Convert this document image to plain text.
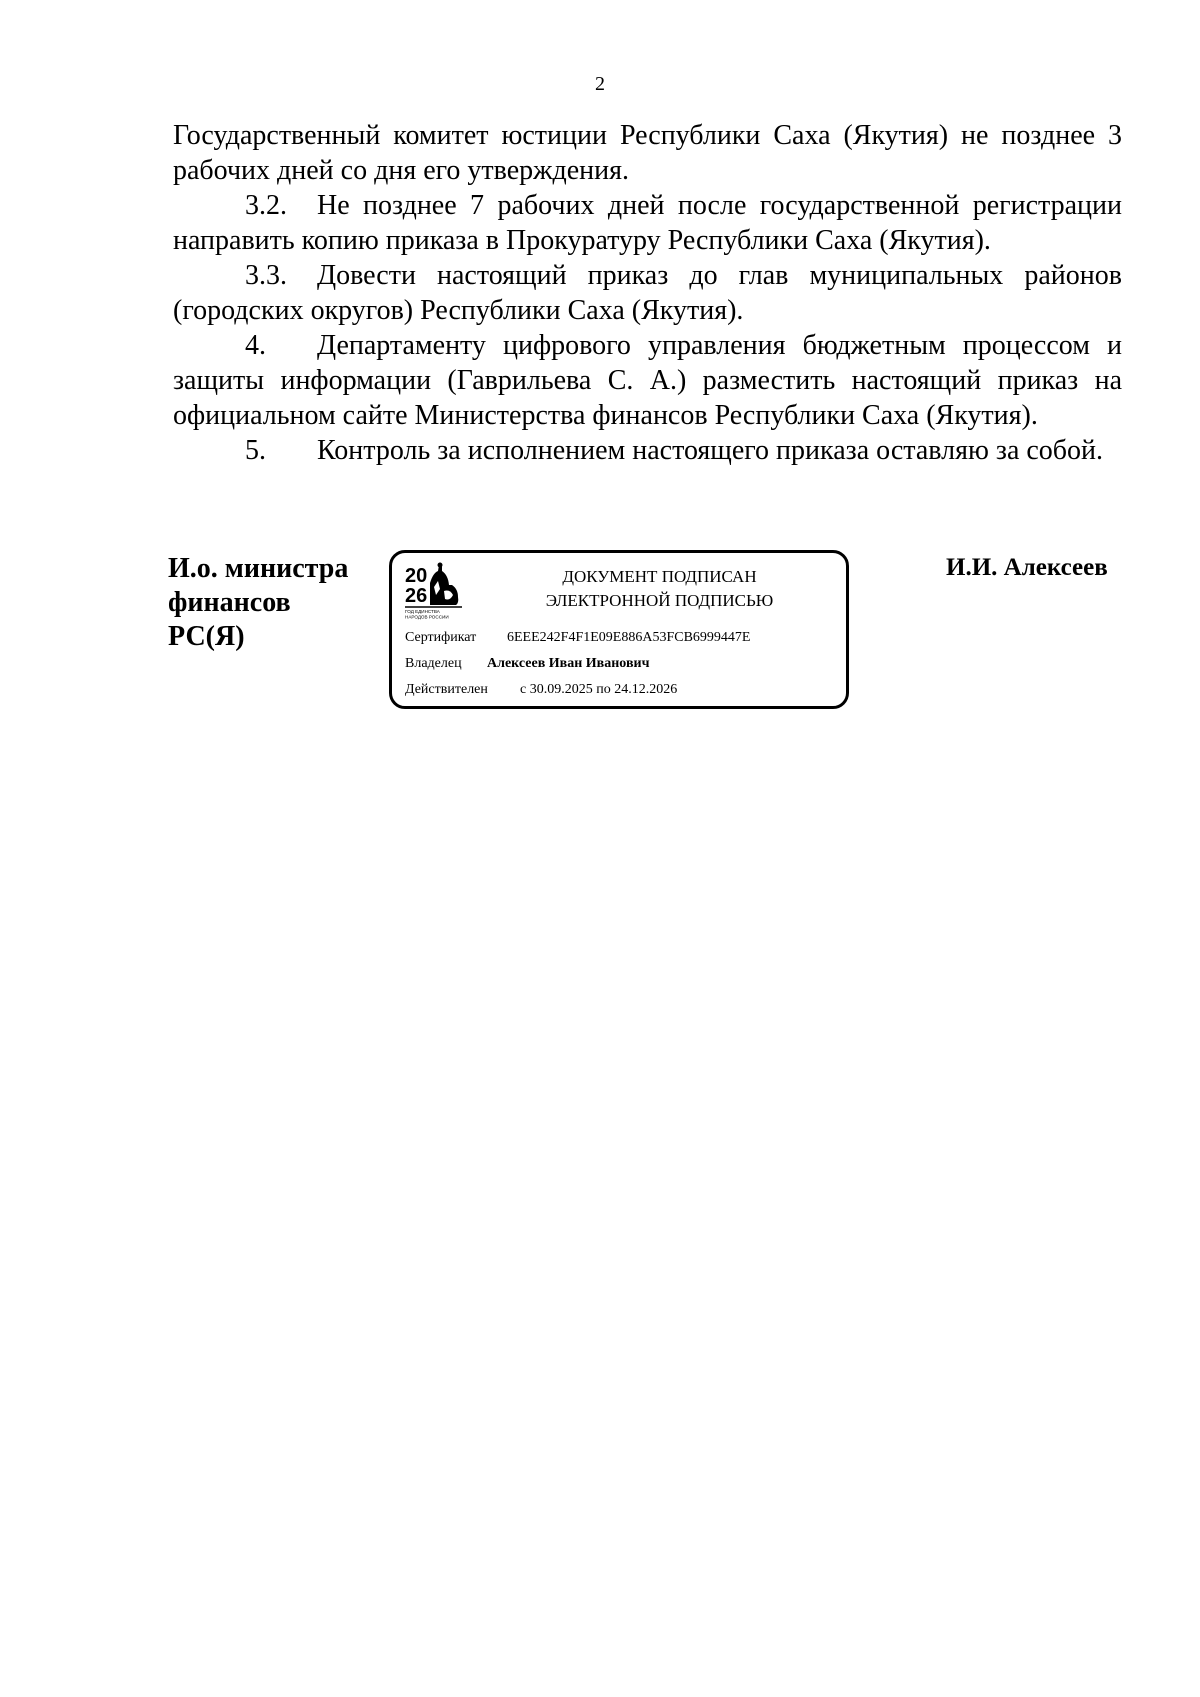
2

Государственный комитет юстиции Республики Саха (Якутия) не позднее 3 рабочих дней со дня его утверждения.

3.2. Не позднее 7 рабочих дней после государственной регистрации направить копию приказа в Прокуратуру Республики Саха (Якутия).

3.3. Довести настоящий приказ до глав муниципальных районов (городских округов) Республики Саха (Якутия).

4. Департаменту цифрового управления бюджетным процессом и защиты информации (Гаврильева С. А.) разместить настоящий приказ на официальном сайте Министерства финансов Республики Саха (Якутия).

5. Контроль за исполнением настоящего приказа оставляю за собой.

И.о. министра
финансов
РС(Я)
20
26
ГОД ЕДИНСТВА
НАРОДОВ РОССИИ
ДОКУМЕНТ ПОДПИСАН
ЭЛЕКТРОННОЙ ПОДПИСЬЮ
Сертификат 6EEE242F4F1E09E886A53FCB6999447E
Владелец Алексеев Иван Иванович
Действителен с 30.09.2025 по 24.12.2026
И.И. Алексеев
